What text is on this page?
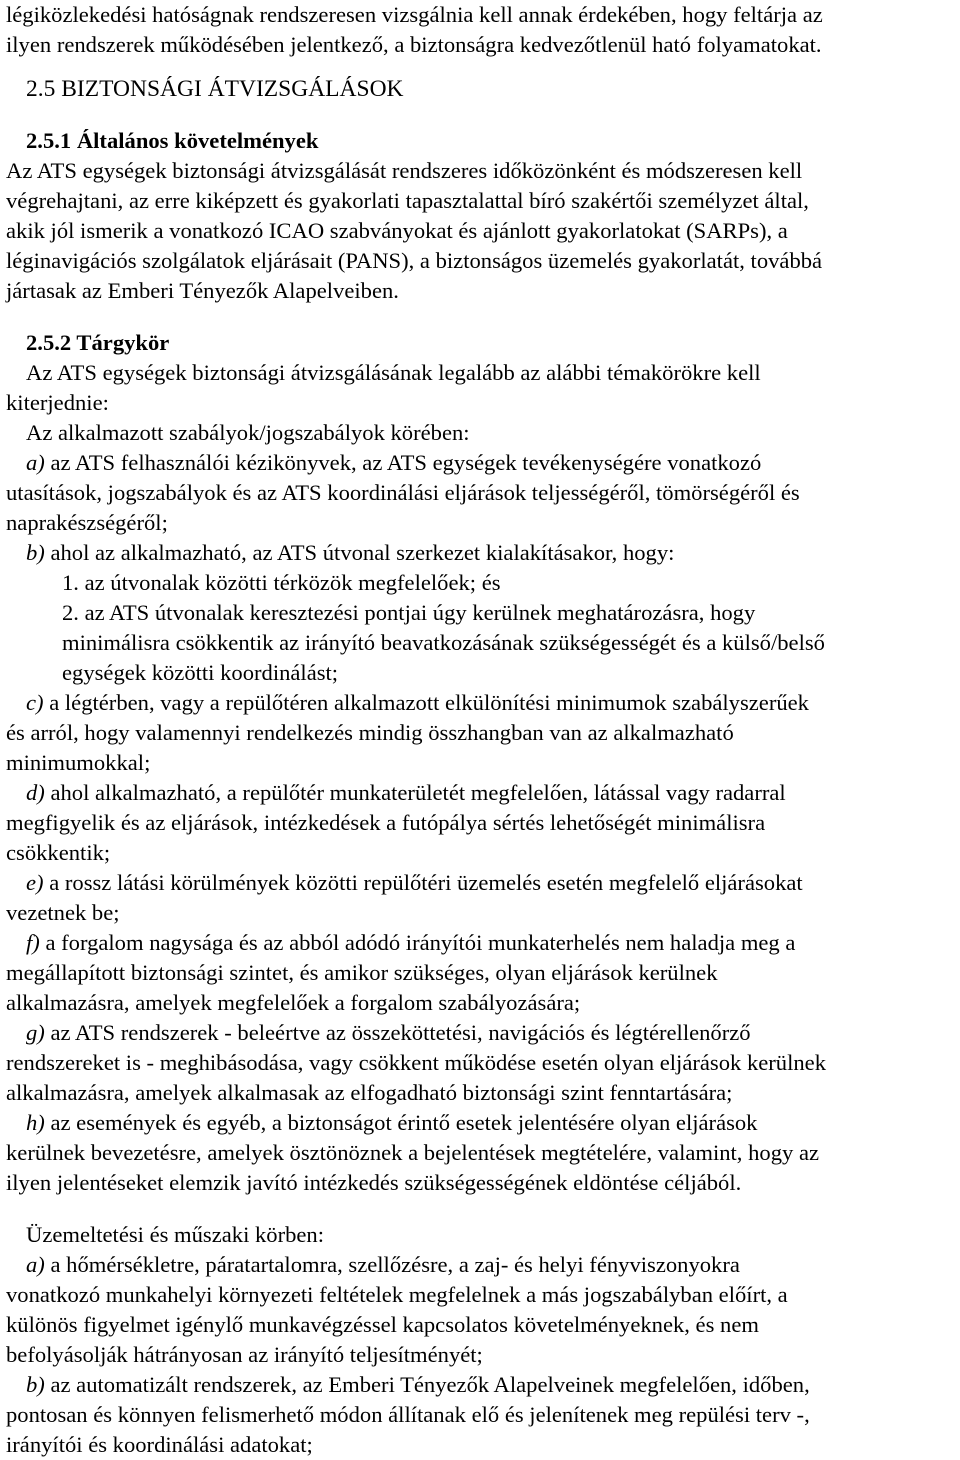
légiközlekedési hatóságnak rendszeresen vizsgálnia kell annak érdekében, hogy feltárja az

ilyen rendszerek működésében jelentkező, a biztonságra kedvezőtlenül ható folyamatokat.

2.5 BIZTONSÁGI ÁTVIZSGÁLÁSOK

2.5.1 Általános követelmények

Az ATS egységek biztonsági átvizsgálását rendszeres időközönként és módszeresen kell

végrehajtani, az erre kiképzett és gyakorlati tapasztalattal bíró szakértői személyzet által,

akik jól ismerik a vonatkozó ICAO szabványokat és ajánlott gyakorlatokat (SARPs), a

léginavigációs szolgálatok eljárásait (PANS), a biztonságos üzemelés gyakorlatát, továbbá

jártasak az Emberi Tényezők Alapelveiben.

2.5.2 Tárgykör

Az ATS egységek biztonsági átvizsgálásának legalább az alábbi témakörökre kell

kiterjednie:

Az alkalmazott szabályok/jogszabályok körében:

a) az ATS felhasználói kézikönyvek, az ATS egységek tevékenységére vonatkozó

utasítások, jogszabályok és az ATS koordinálási eljárások teljességéről, tömörségéről és

naprakészségéről;

b) ahol az alkalmazható, az ATS útvonal szerkezet kialakításakor, hogy:

1. az útvonalak közötti térközök megfelelőek; és

2. az ATS útvonalak keresztezési pontjai úgy kerülnek meghatározásra, hogy

minimálisra csökkentik az irányító beavatkozásának szükségességét és a külső/belső

egységek közötti koordinálást;

c) a légtérben, vagy a repülőtéren alkalmazott elkülönítési minimumok szabályszerűek

és arról, hogy valamennyi rendelkezés mindig összhangban van az alkalmazható

minimumokkal;

d) ahol alkalmazható, a repülőtér munkaterületét megfelelően, látással vagy radarral

megfigyelik és az eljárások, intézkedések a futópálya sértés lehetőségét minimálisra

csökkentik;

e) a rossz látási körülmények közötti repülőtéri üzemelés esetén megfelelő eljárásokat

vezetnek be;

f) a forgalom nagysága és az abból adódó irányítói munkaterhelés nem haladja meg a

megállapított biztonsági szintet, és amikor szükséges, olyan eljárások kerülnek

alkalmazásra, amelyek megfelelőek a forgalom szabályozására;

g) az ATS rendszerek - beleértve az összeköttetési, navigációs és légtérellenőrző

rendszereket is - meghibásodása, vagy csökkent működése esetén olyan eljárások kerülnek

alkalmazásra, amelyek alkalmasak az elfogadható biztonsági szint fenntartására;

h) az események és egyéb, a biztonságot érintő esetek jelentésére olyan eljárások

kerülnek bevezetésre, amelyek ösztönöznek a bejelentések megtételére, valamint, hogy az

ilyen jelentéseket elemzik javító intézkedés szükségességének eldöntése céljából.

Üzemeltetési és műszaki körben:

a) a hőmérsékletre, páratartalomra, szellőzésre, a zaj- és helyi fényviszonyokra

vonatkozó munkahelyi környezeti feltételek megfelelnek a más jogszabályban előírt, a

különös figyelmet igénylő munkavégzéssel kapcsolatos követelményeknek, és nem

befolyásolják hátrányosan az irányító teljesítményét;

b) az automatizált rendszerek, az Emberi Tényezők Alapelveinek megfelelően, időben,

pontosan és könnyen felismerhető módon állítanak elő és jelenítenek meg repülési terv -,

irányítói és koordinálási adatokat;
